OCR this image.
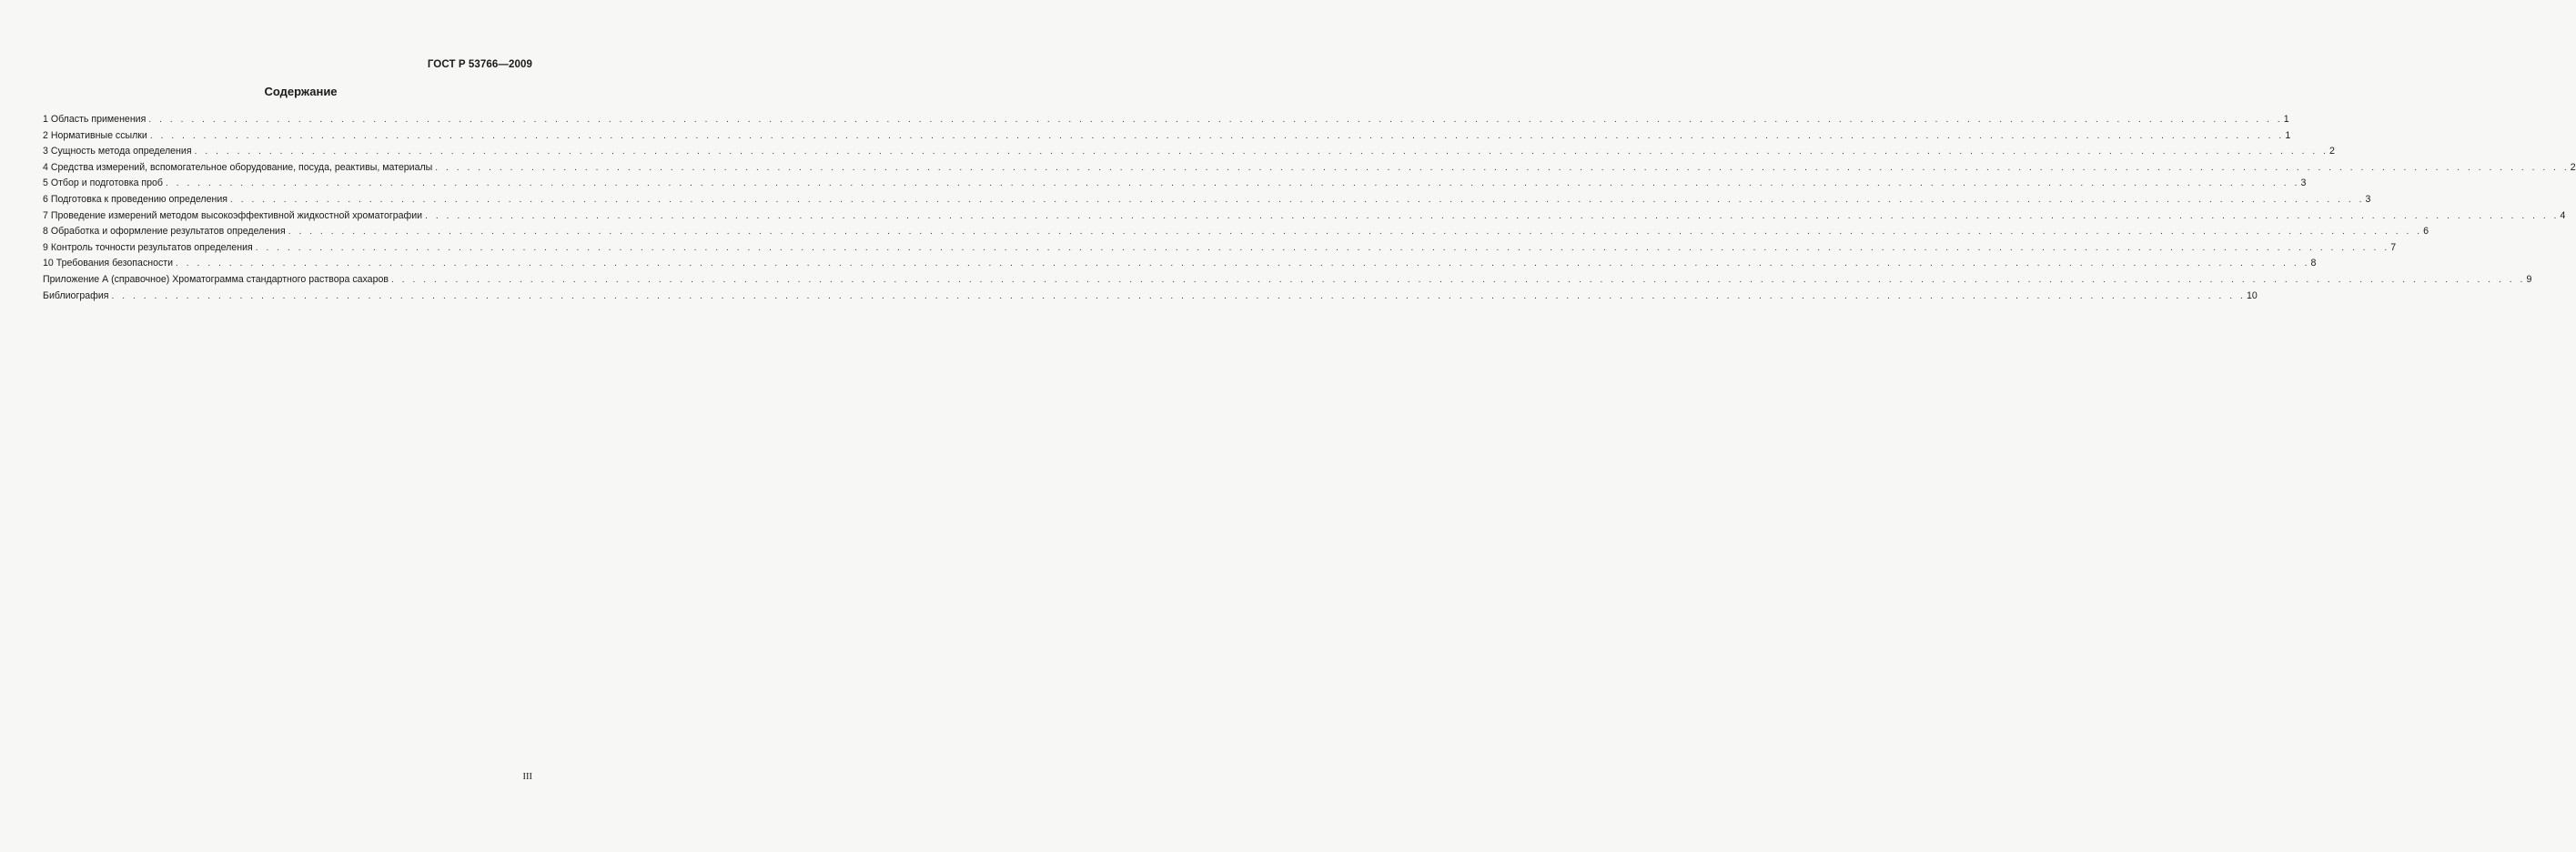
ГОСТ Р 53766—2009
Содержание
1 Область применения . . . . . . . . . . . . . . . . . . . . . . . . . . . . . . . . . . . . . . . . . . . . . . . . . . . . . . . . . . . . . . . . . . . . . . . . . . . . . . . . . . . . . . . . . . . . . . . . . . . . . . . . . . . . . . . . . . . . . . . . . . . . . . . . . . . . . . . . . . . . . . . . . . . . . . . . . . . . . . . . . . . . . . . . . . . . . . . . . . . . . . . . . . . . . . . . . . . . . . . . 1
2 Нормативные ссылки . . . . . . . . . . . . . . . . . . . . . . . . . . . . . . . . . . . . . . . . . . . . . . . . . . . . . . . . . . . . . . . . . . . . . . . . . . . . . . . . . . . . . . . . . . . . . . . . . . . . . . . . . . . . . . . . . . . . . . . . . . . . . . . . . . . . . . . . . . . . . . . . . . . . . . . . . . . . . . . . . . . . . . . . . . . . . . . . . . . . . . . . . . . . . . . . . . . . . . . . 1
3 Сущность метода определения . . . . . . . . . . . . . . . . . . . . . . . . . . . . . . . . . . . . . . . . . . . . . . . . . . . . . . . . . . . . . . . . . . . . . . . . . . . . . . . . . . . . . . . . . . . . . . . . . . . . . . . . . . . . . . . . . . . . . . . . . . . . . . . . . . . . . . . . . . . . . . . . . . . . . . . . . . . . . . . . . . . . . . . . . . . . . . . . . . . . . . . . . . . . . . . . . . . . . . . . 2
4 Средства измерений, вспомогательное оборудование, посуда, реактивы, материалы . . . . . . . . . . . . . . . . . . . . . . . . . . . . . . . . . . . . . . . . . . . . . . . . . . . . . . . . . . . . . . . . . . . . . . . . . . . . . . . . . . . . . . . . . . . . . . . . . . . . . . . . . . . . . . . . . . . . . . . . . . . . . . . . . . . . . . . . . . . . . . . . . . . . . . . . . . . . . . . . . . . . . . . . . . . . . . . . . . . . . . . . . . . . . . . . . . . . . . . . 2
5 Отбор и подготовка проб . . . . . . . . . . . . . . . . . . . . . . . . . . . . . . . . . . . . . . . . . . . . . . . . . . . . . . . . . . . . . . . . . . . . . . . . . . . . . . . . . . . . . . . . . . . . . . . . . . . . . . . . . . . . . . . . . . . . . . . . . . . . . . . . . . . . . . . . . . . . . . . . . . . . . . . . . . . . . . . . . . . . . . . . . . . . . . . . . . . . . . . . . . . . . . . . . . . . . . . . 3
6 Подготовка к проведению определения . . . . . . . . . . . . . . . . . . . . . . . . . . . . . . . . . . . . . . . . . . . . . . . . . . . . . . . . . . . . . . . . . . . . . . . . . . . . . . . . . . . . . . . . . . . . . . . . . . . . . . . . . . . . . . . . . . . . . . . . . . . . . . . . . . . . . . . . . . . . . . . . . . . . . . . . . . . . . . . . . . . . . . . . . . . . . . . . . . . . . . . . . . . . . . . . . . . . . . . . 3
7 Проведение измерений методом высокоэффективной жидкостной хроматографии . . . . . . . . . . . . . . . . . . . . . . . . . . . . . . . . . . . . . . . . . . . . . . . . . . . . . . . . . . . . . . . . . . . . . . . . . . . . . . . . . . . . . . . . . . . . . . . . . . . . . . . . . . . . . . . . . . . . . . . . . . . . . . . . . . . . . . . . . . . . . . . . . . . . . . . . . . . . . . . . . . . . . . . . . . . . . . . . . . . . . . . . . . . . . . . . . . . . . . . . 4
8 Обработка и оформление результатов определения . . . . . . . . . . . . . . . . . . . . . . . . . . . . . . . . . . . . . . . . . . . . . . . . . . . . . . . . . . . . . . . . . . . . . . . . . . . . . . . . . . . . . . . . . . . . . . . . . . . . . . . . . . . . . . . . . . . . . . . . . . . . . . . . . . . . . . . . . . . . . . . . . . . . . . . . . . . . . . . . . . . . . . . . . . . . . . . . . . . . . . . . . . . . . . . . . . . . . . . . 6
9 Контроль точности результатов определения . . . . . . . . . . . . . . . . . . . . . . . . . . . . . . . . . . . . . . . . . . . . . . . . . . . . . . . . . . . . . . . . . . . . . . . . . . . . . . . . . . . . . . . . . . . . . . . . . . . . . . . . . . . . . . . . . . . . . . . . . . . . . . . . . . . . . . . . . . . . . . . . . . . . . . . . . . . . . . . . . . . . . . . . . . . . . . . . . . . . . . . . . . . . . . . . . . . . . . . . 7
10 Требования безопасности . . . . . . . . . . . . . . . . . . . . . . . . . . . . . . . . . . . . . . . . . . . . . . . . . . . . . . . . . . . . . . . . . . . . . . . . . . . . . . . . . . . . . . . . . . . . . . . . . . . . . . . . . . . . . . . . . . . . . . . . . . . . . . . . . . . . . . . . . . . . . . . . . . . . . . . . . . . . . . . . . . . . . . . . . . . . . . . . . . . . . . . . . . . . . . . . . . . . . . . . 8
Приложение А (справочное) Хроматограмма стандартного раствора сахаров . . . . . . . . . . . . . . . . . . . . . . . . . . . . . . . . . . . . . . . . . . . . . . . . . . . . . . . . . . . . . . . . . . . . . . . . . . . . . . . . . . . . . . . . . . . . . . . . . . . . . . . . . . . . . . . . . . . . . . . . . . . . . . . . . . . . . . . . . . . . . . . . . . . . . . . . . . . . . . . . . . . . . . . . . . . . . . . . . . . . . . . . . . . . . . . . . . . . . . . . 9
Библиография . . . . . . . . . . . . . . . . . . . . . . . . . . . . . . . . . . . . . . . . . . . . . . . . . . . . . . . . . . . . . . . . . . . . . . . . . . . . . . . . . . . . . . . . . . . . . . . . . . . . . . . . . . . . . . . . . . . . . . . . . . . . . . . . . . . . . . . . . . . . . . . . . . . . . . . . . . . . . . . . . . . . . . . . . . . . . . . . . . . . . . . . . . . . . . . . . . . . . . . . 10
III
